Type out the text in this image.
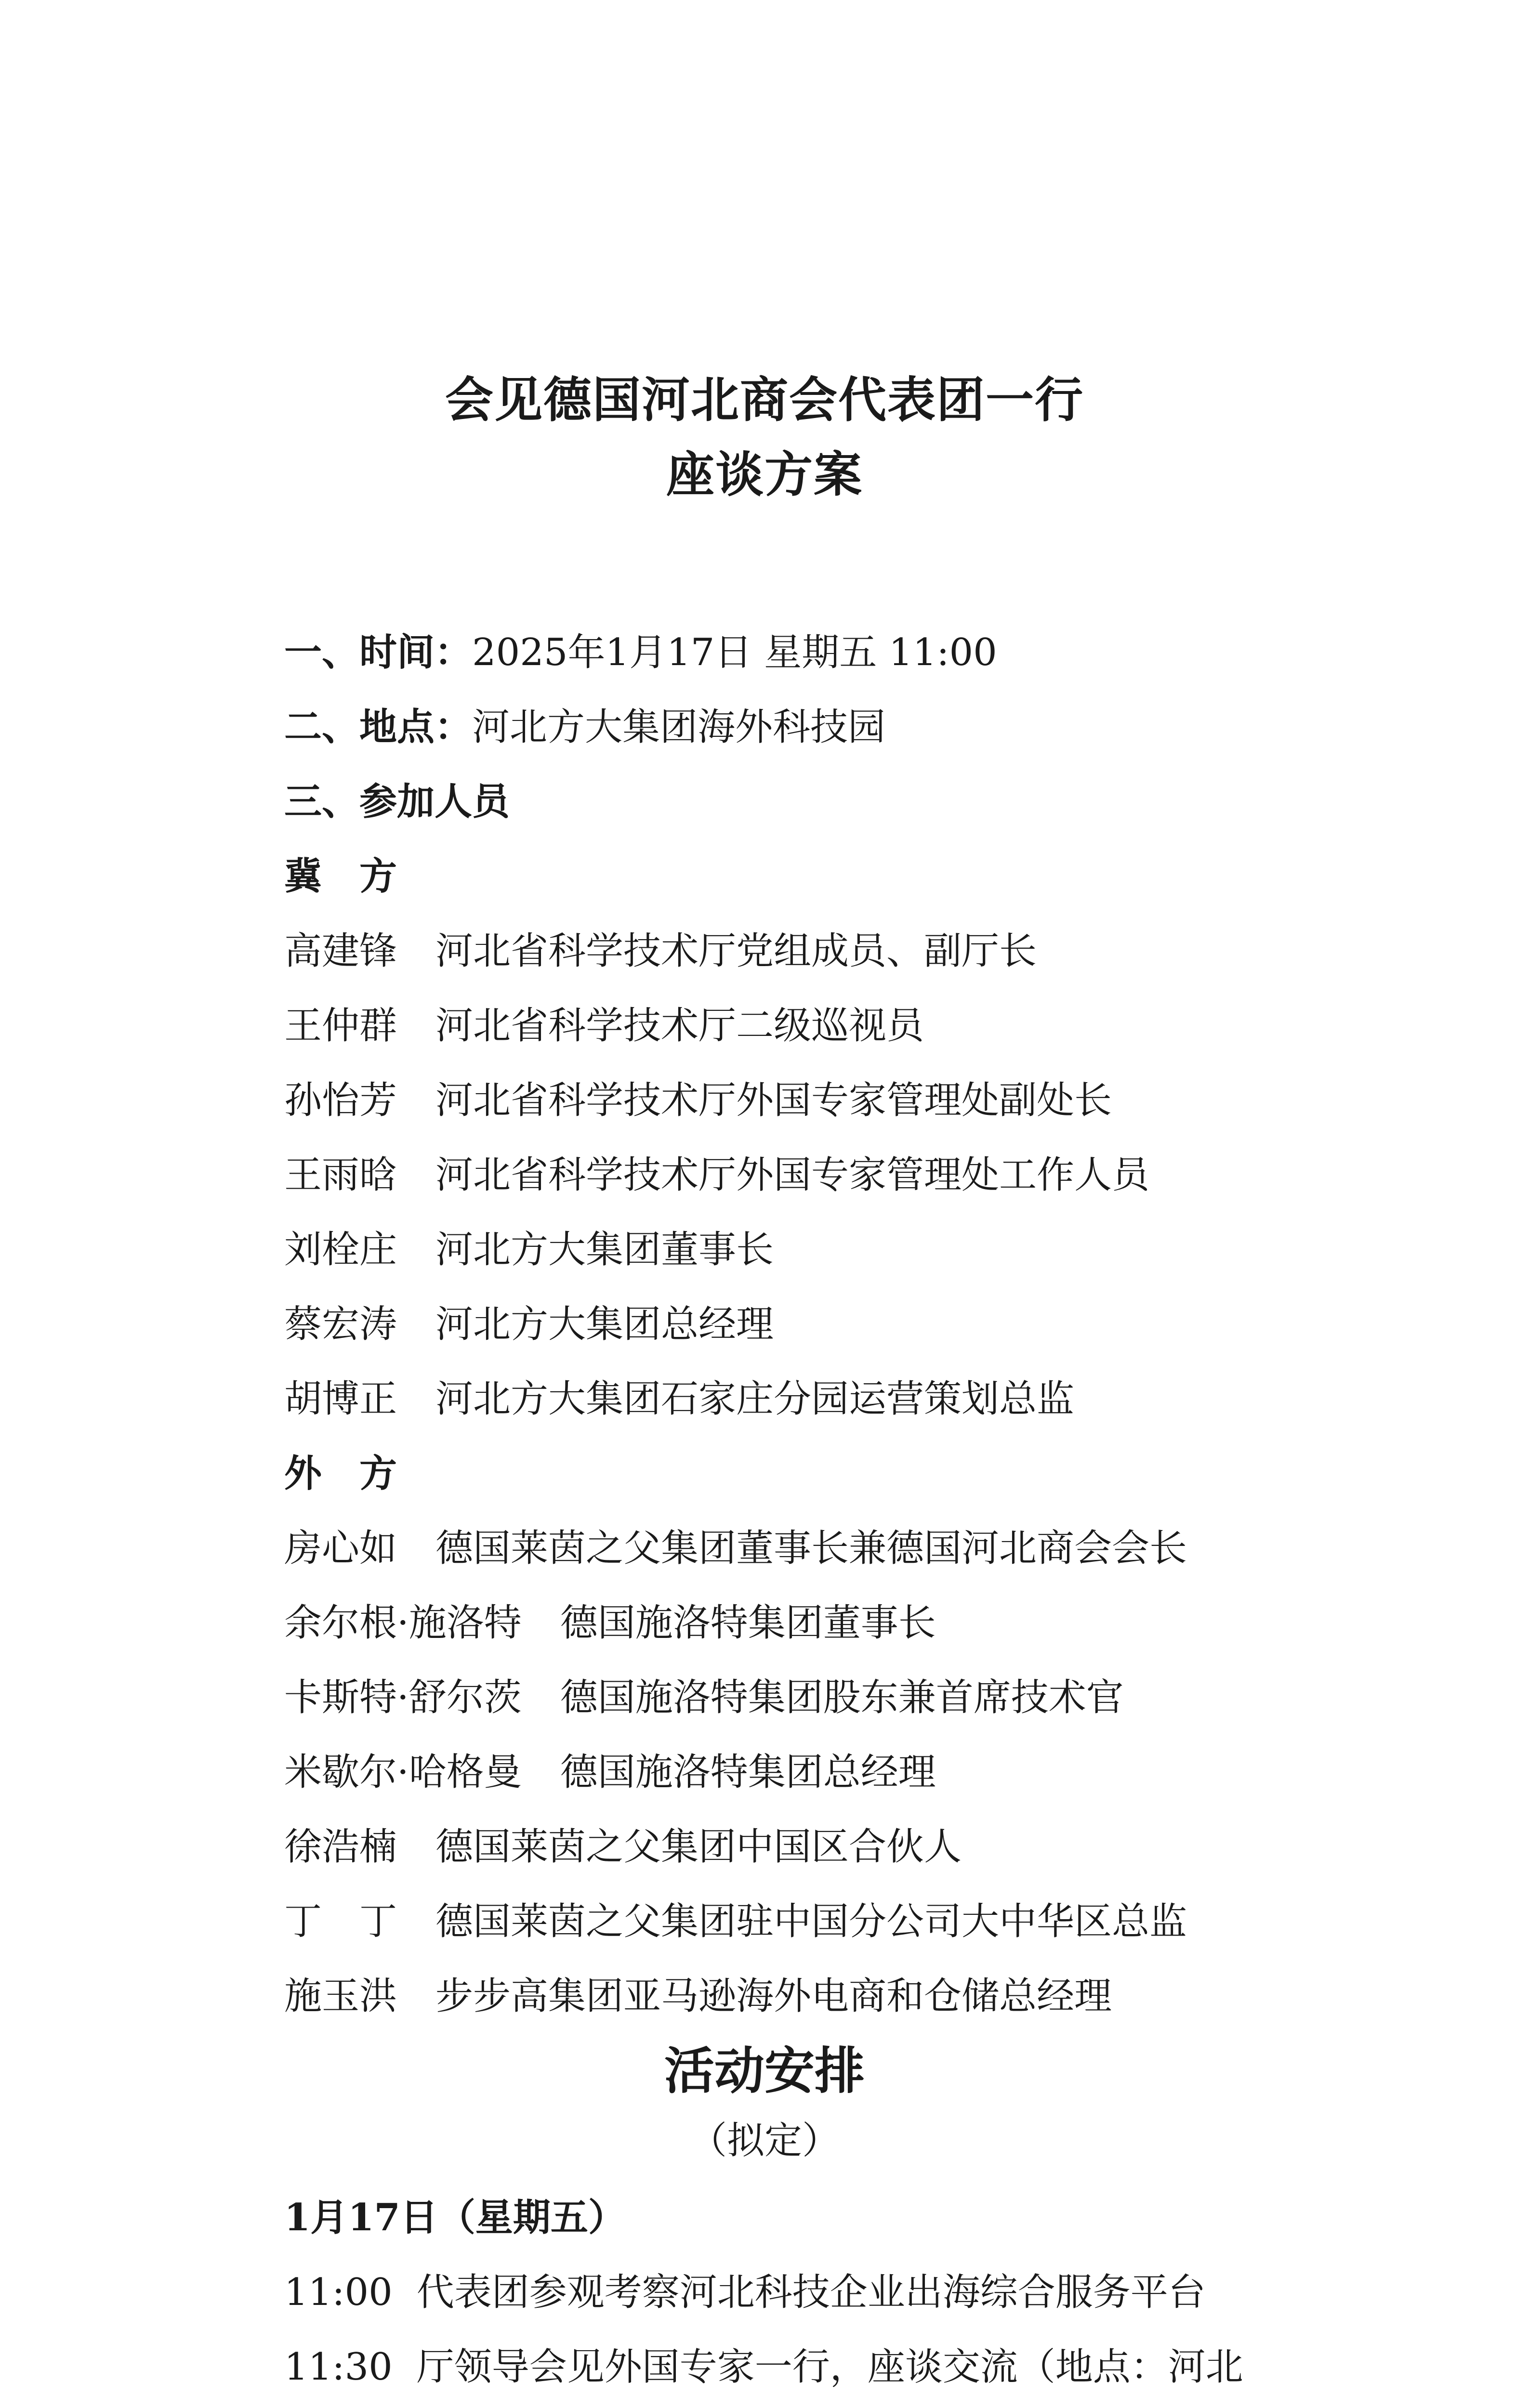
会见德国河北商会代表团一行
座谈方案
一、时间：2025年1月17日 星期五 11:00
二、地点：河北方大集团海外科技园
三、参加人员
冀　方
高建锋 河北省科学技术厅党组成员、副厅长
王仲群 河北省科学技术厅二级巡视员
孙怡芳 河北省科学技术厅外国专家管理处副处长
王雨晗 河北省科学技术厅外国专家管理处工作人员
刘栓庄 河北方大集团董事长
蔡宏涛 河北方大集团总经理
胡博正 河北方大集团石家庄分园运营策划总监
外　方
房心如 德国莱茵之父集团董事长兼德国河北商会会长
余尔根·施洛特 德国施洛特集团董事长
卡斯特·舒尔茨 德国施洛特集团股东兼首席技术官
米歇尔·哈格曼 德国施洛特集团总经理
徐浩楠 德国莱茵之父集团中国区合伙人
丁　丁 德国莱茵之父集团驻中国分公司大中华区总监
施玉洪 步步高集团亚马逊海外电商和仓储总经理
活动安排
（拟定）
1月17日（星期五）
11:00 代表团参观考察河北科技企业出海综合服务平台
11:30 厅领导会见外国专家一行，座谈交流（地点：河北
